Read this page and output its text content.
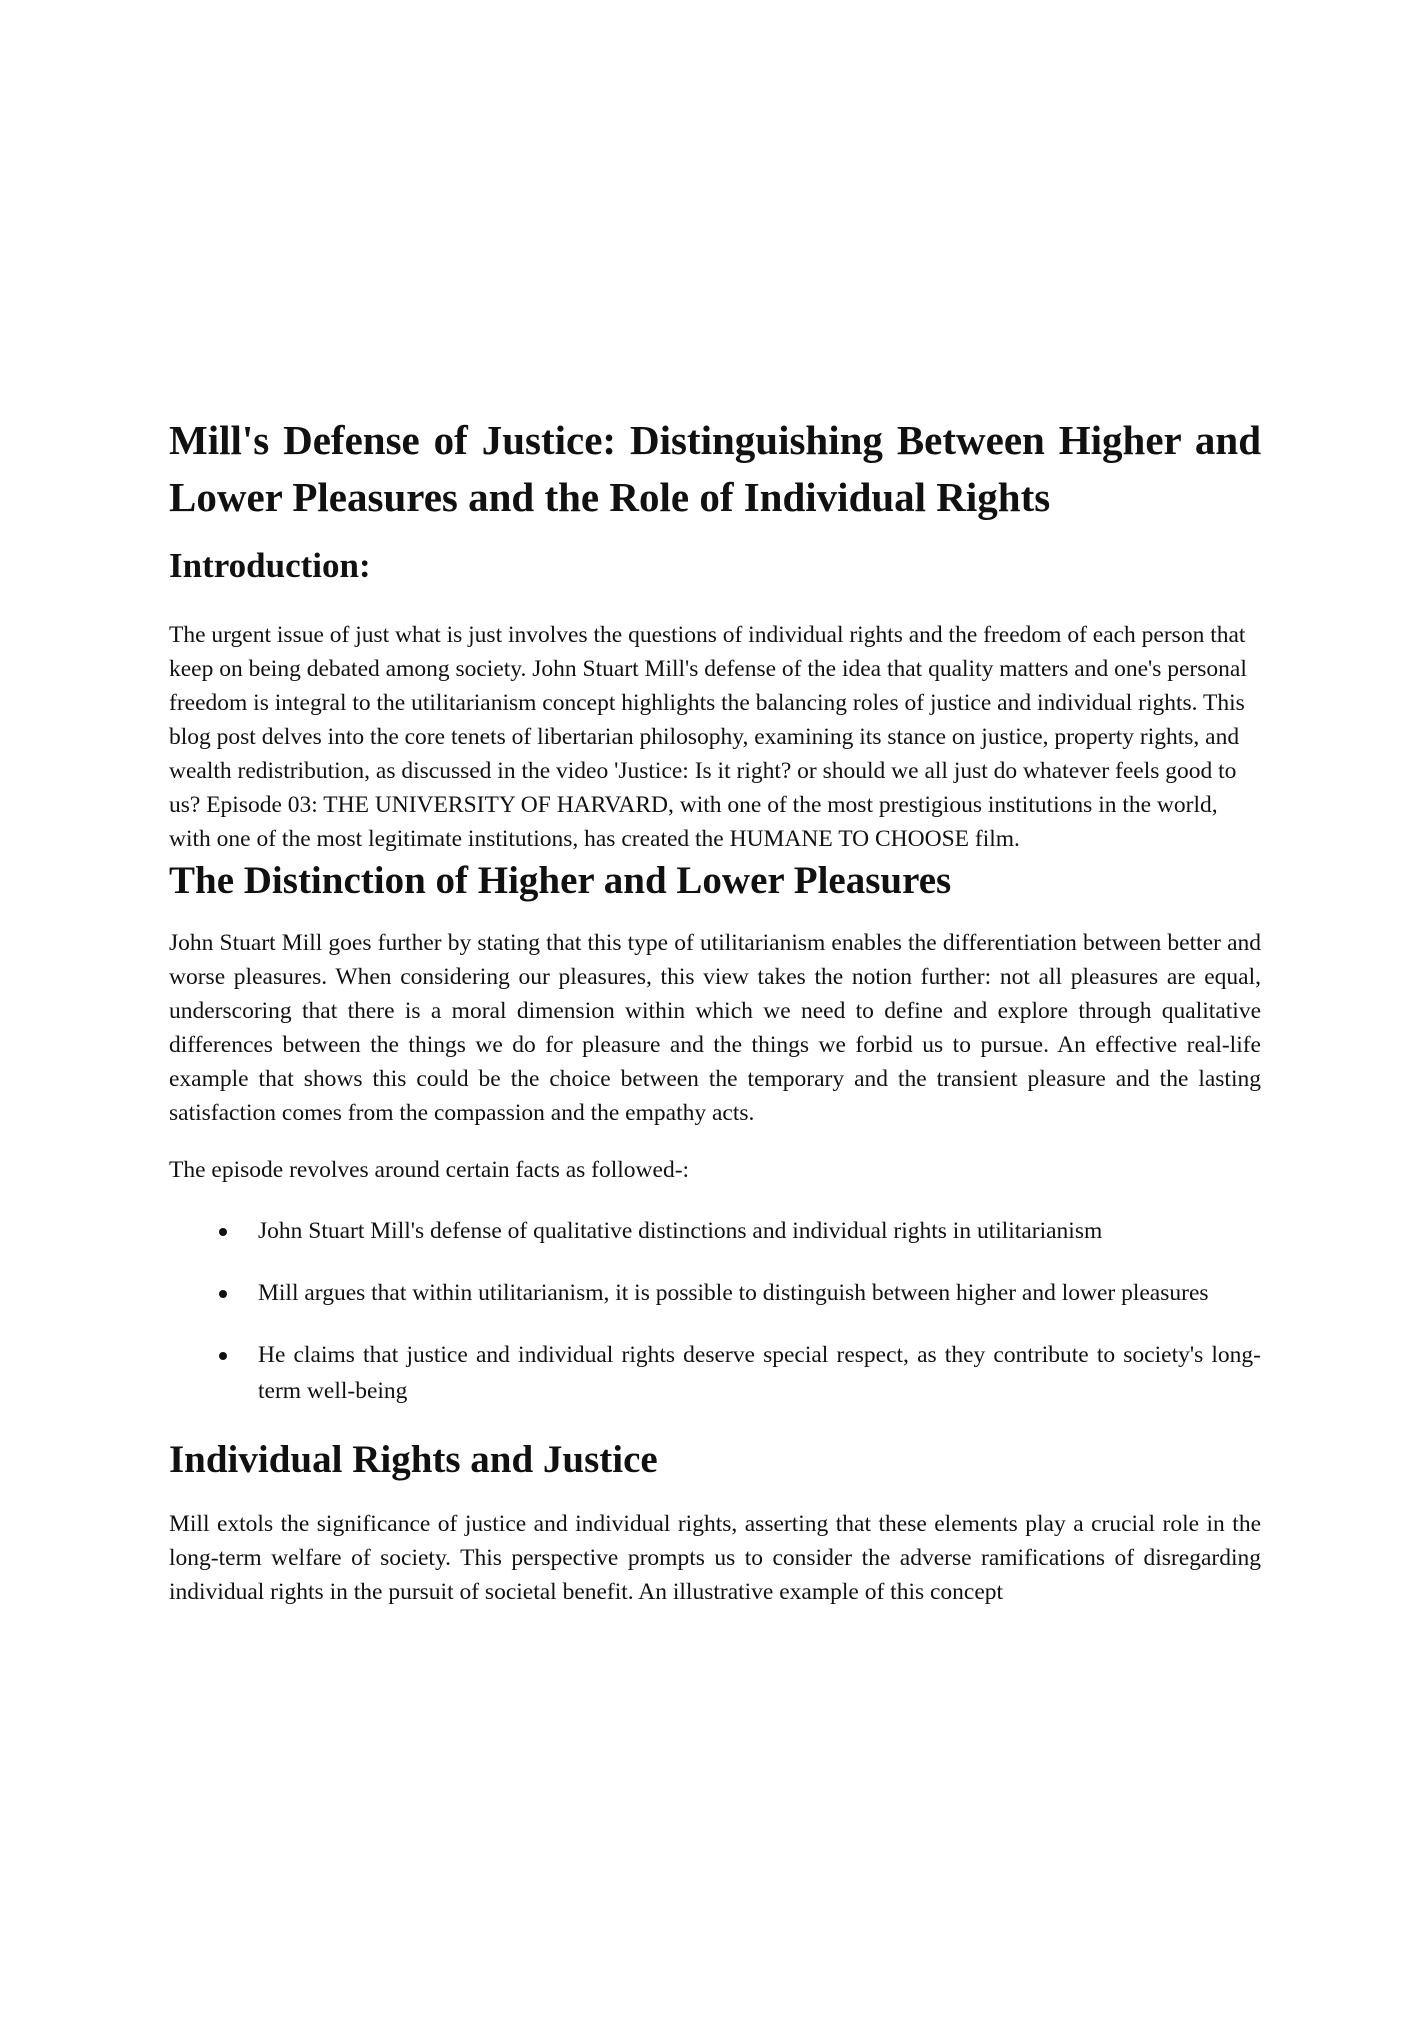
Mill's Defense of Justice: Distinguishing Between Higher and Lower Pleasures and the Role of Individual Rights
Introduction:

The urgent issue of just what is just involves the questions of individual rights and the freedom of each person that keep on being debated among society. John Stuart Mill's defense of the idea that quality matters and one's personal freedom is integral to the utilitarianism concept highlights the balancing roles of justice and individual rights. This blog post delves into the core tenets of libertarian philosophy, examining its stance on justice, property rights, and wealth redistribution, as discussed in the video 'Justice: Is it right? or should we all just do whatever feels good to us? Episode 03: THE UNIVERSITY OF HARVARD, with one of the most prestigious institutions in the world, with one of the most legitimate institutions, has created the HUMANE TO CHOOSE film.

The Distinction of Higher and Lower Pleasures

John Stuart Mill goes further by stating that this type of utilitarianism enables the differentiation between better and worse pleasures. When considering our pleasures, this view takes the notion further: not all pleasures are equal, underscoring that there is a moral dimension within which we need to define and explore through qualitative differences between the things we do for pleasure and the things we forbid us to pursue. An effective real-life example that shows this could be the choice between the temporary and the transient pleasure and the lasting satisfaction comes from the compassion and the empathy acts.

The episode revolves around certain facts as followed-:

John Stuart Mill's defense of qualitative distinctions and individual rights in utilitarianism
Mill argues that within utilitarianism, it is possible to distinguish between higher and lower pleasures
He claims that justice and individual rights deserve special respect, as they contribute to society's long-term well-being
Individual Rights and Justice

Mill extols the significance of justice and individual rights, asserting that these elements play a crucial role in the long-term welfare of society. This perspective prompts us to consider the adverse ramifications of disregarding individual rights in the pursuit of societal benefit. An illustrative example of this concept
